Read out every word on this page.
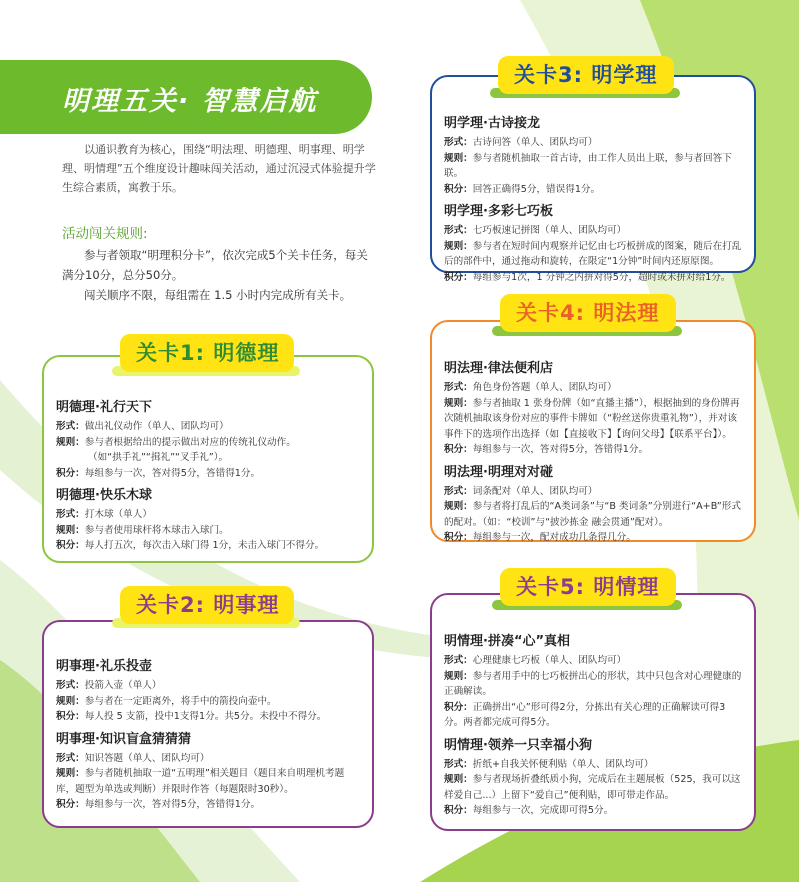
明理五关· 智慧启航
以通识教育为核心，围绕“明法理、明德理、明事理、明学理、明情理”五个维度设计趣味闯关活动，通过沉浸式体验提升学生综合素质，寓教于乐。
活动闯关规则:

参与者领取“明理积分卡”，依次完成5个关卡任务，每关满分10分，总分50分。

闯关顺序不限，每组需在 1.5 小时内完成所有关卡。

关卡3: 明学理
明学理·古诗接龙

形式：古诗问答（单人、团队均可）

规则：参与者随机抽取一首古诗，由工作人员出上联，参与者回答下联。

积分：回答正确得5分，错误得1分。

明学理·多彩七巧板

形式：七巧板速记拼图（单人、团队均可）

规则：参与者在短时间内观察并记忆由七巧板拼成的图案，随后在打乱后的部件中，通过拖动和旋转，在限定“1分钟”时间内还原原图。

积分：每组参与1次，1 分钟之内拼对得5分，超时或未拼对给1分。

关卡4: 明法理
明法理·律法便利店

形式：角色身份答题（单人、团队均可）

规则：参与者抽取 1 张身份牌（如“直播主播”），根据抽到的身份牌再次随机抽取该身份对应的事件卡牌如（“粉丝送你贵重礼物”），并对该事件下的选项作出选择（如【直接收下】【询问父母】【联系平台】）。

积分：每组参与一次，答对得5分，答错得1分。

明法理·明理对对碰

形式：词条配对（单人、团队均可）

规则：参与者将打乱后的“A类词条”与“B 类词条”分别进行“A+B”形式的配对。（如：“校训”与“披沙拣金 融会贯通”配对）。

积分：每组参与一次，配对成功几条得几分。

关卡1: 明德理
明德理·礼行天下

形式：做出礼仪动作（单人、团队均可）

规则：参与者根据给出的提示做出对应的传统礼仪动作。

（如“拱手礼”“揖礼”“叉手礼”）。

积分：每组参与一次，答对得5分，答错得1分。

明德理·快乐木球

形式：打木球（单人）

规则：参与者使用球杆将木球击入球门。

积分：每人打五次，每次击入球门得 1分，未击入球门不得分。

关卡2: 明事理
明事理·礼乐投壶

形式：投箭入壶（单人）

规则：参与者在一定距离外，将手中的箭投向壶中。

积分：每人投 5 支箭，投中1支得1分。共5分。未投中不得分。

明事理·知识盲盒猜猜猜

形式：知识答题（单人、团队均可）

规则：参与者随机抽取一道“五明理”相关题目（题目来自明理机考题库，题型为单选或判断）并限时作答（每题限时30秒）。

积分：每组参与一次，答对得5分，答错得1分。

关卡5: 明情理
明情理·拼凑“心”真相

形式：心理健康七巧板（单人、团队均可）

规则：参与者用手中的七巧板拼出心的形状，其中只包含对心理健康的正确解读。

积分：正确拼出“心”形可得2分，分拣出有关心理的正确解读可得3分。两者都完成可得5分。

明情理·领养一只幸福小狗

形式：折纸+自我关怀便利贴（单人、团队均可）

规则：参与者现场折叠纸质小狗，完成后在主题展板（525，我可以这样爱自己...）上留下“爱自己”便利贴，即可带走作品。

积分：每组参与一次，完成即可得5分。
